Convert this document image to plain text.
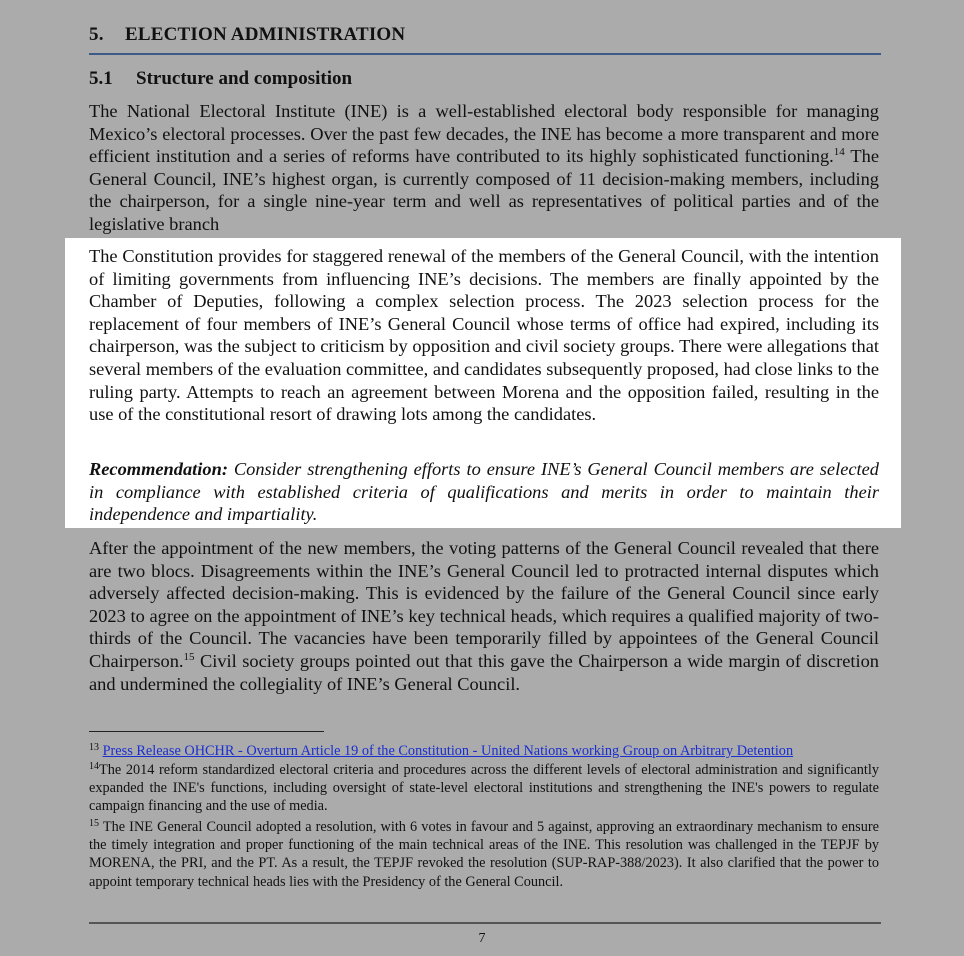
5. ELECTION ADMINISTRATION
5.1 Structure and composition

The National Electoral Institute (INE) is a well-established electoral body responsible for managing Mexico’s electoral processes. Over the past few decades, the INE has become a more transparent and more efficient institution and a series of reforms have contributed to its highly sophisticated functioning.$^{14}$ The General Council, INE’s highest organ, is currently composed of 11 decision-making members, including the chairperson, for a single nine-year term and well as representatives of political parties and of the legislative branch

The Constitution provides for staggered renewal of the members of the General Council, with the intention of limiting governments from influencing INE’s decisions. The members are finally appointed by the Chamber of Deputies, following a complex selection process. The 2023 selection process for the replacement of four members of INE’s General Council whose terms of office had expired, including its chairperson, was the subject to criticism by opposition and civil society groups. There were allegations that several members of the evaluation committee, and candidates subsequently proposed, had close links to the ruling party. Attempts to reach an agreement between Morena and the opposition failed, resulting in the use of the constitutional resort of drawing lots among the candidates.

Recommendation: Consider strengthening efforts to ensure INE’s General Council members are selected in compliance with established criteria of qualifications and merits in order to maintain their independence and impartiality.

After the appointment of the new members, the voting patterns of the General Council revealed that there are two blocs. Disagreements within the INE’s General Council led to protracted internal disputes which adversely affected decision-making. This is evidenced by the failure of the General Council since early 2023 to agree on the appointment of INE’s key technical heads, which requires a qualified majority of two-thirds of the Council. The vacancies have been temporarily filled by appointees of the General Council Chairperson.$^{15}$ Civil society groups pointed out that this gave the Chairperson a wide margin of discretion and undermined the collegiality of INE’s General Council.

$^{13}$ Press Release OHCHR - Overturn Article 19 of the Constitution - United Nations working Group on Arbitrary Detention

$^{14}$The 2014 reform standardized electoral criteria and procedures across the different levels of electoral administration and significantly expanded the INE's functions, including oversight of state-level electoral institutions and strengthening the INE's powers to regulate campaign financing and the use of media.

$^{15}$ The INE General Council adopted a resolution, with 6 votes in favour and 5 against, approving an extraordinary mechanism to ensure the timely integration and proper functioning of the main technical areas of the INE. This resolution was challenged in the TEPJF by MORENA, the PRI, and the PT. As a result, the TEPJF revoked the resolution (SUP-RAP-388/2023). It also clarified that the power to appoint temporary technical heads lies with the Presidency of the General Council.

7
